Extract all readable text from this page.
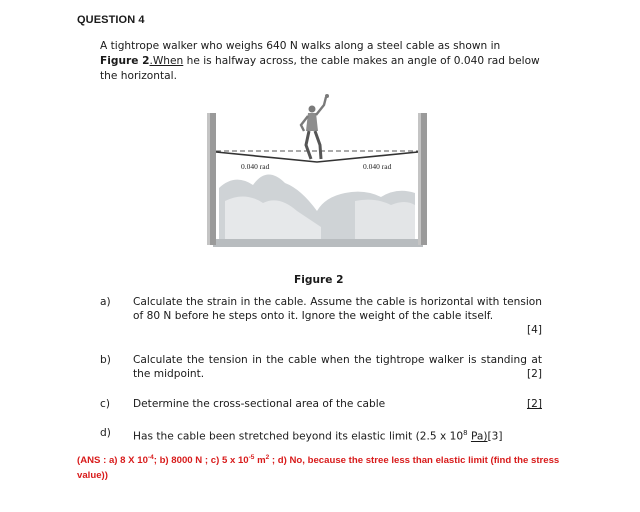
QUESTION 4
A tightrope walker who weighs 640 N walks along a steel cable as shown in Figure 2.When he is halfway across, the cable makes an angle of 0.040 rad below the horizontal.
0.040 rad	0.040 rad
Figure 2
a) Calculate the strain in the cable. Assume the cable is horizontal with tension of 80 N before he steps onto it. Ignore the weight of the cable itself.
[4]
b) Calculate the tension in the cable when the tightrope walker is standing at the midpoint.	[2]
c) Determine the cross-sectional area of the cable	[2]
d) Has the cable been stretched beyond its elastic limit (2.5 x $10^8$ Pa)[3]
(ANS : a) 8 X $10^{-4}$; b) 8000 N ; c) 5 x $10^{-5}$ $m^2$ ; d) No, because the stree less than elastic limit (find the stress value))
